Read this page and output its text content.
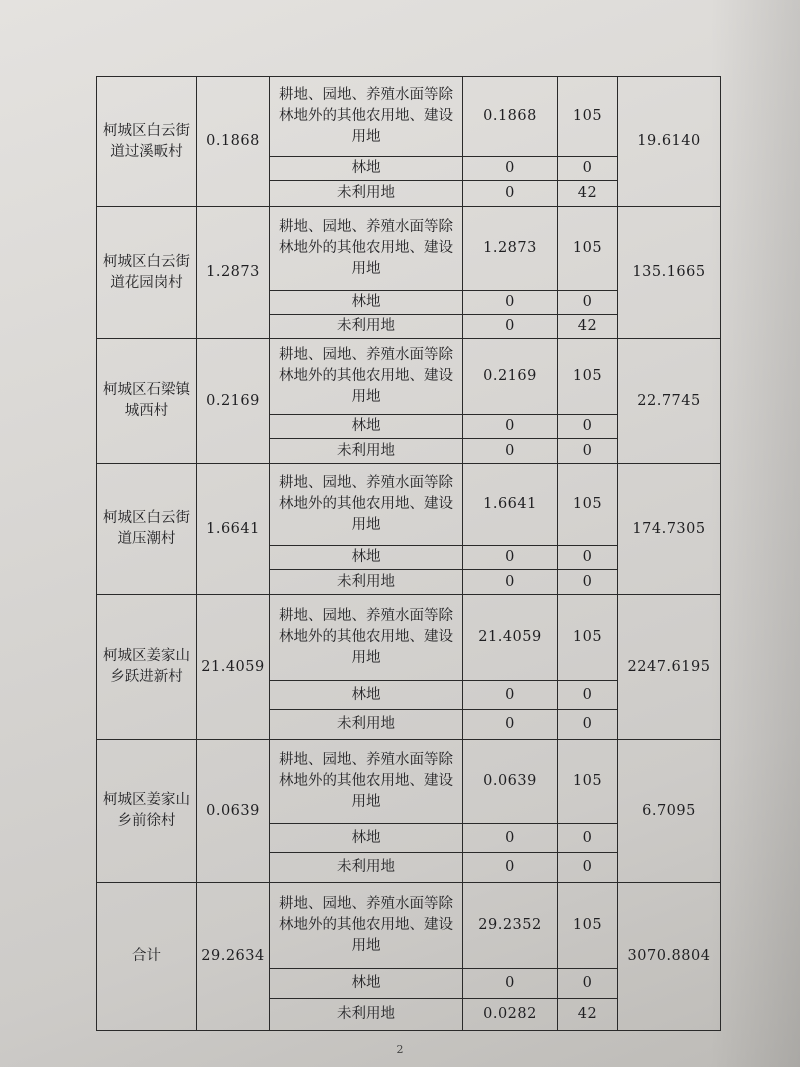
柯城区白云街道过溪畈村	0.1868	耕地、园地、养殖水面等除林地外的其他农用地、建设用地	0.1868	105	19.6140
		林地	0	0	
		未利用地	0	42	
柯城区白云街道花园岗村	1.2873	耕地、园地、养殖水面等除林地外的其他农用地、建设用地	1.2873	105	135.1665
		林地	0	0	
		未利用地	0	42	
柯城区石梁镇城西村	0.2169	耕地、园地、养殖水面等除林地外的其他农用地、建设用地	0.2169	105	22.7745
		林地	0	0	
		未利用地	0	0	
柯城区白云街道压潮村	1.6641	耕地、园地、养殖水面等除林地外的其他农用地、建设用地	1.6641	105	174.7305
		林地	0	0	
		未利用地	0	0	
柯城区姜家山乡跃进新村	21.4059	耕地、园地、养殖水面等除林地外的其他农用地、建设用地	21.4059	105	2247.6195
		林地	0	0	
		未利用地	0	0	
柯城区姜家山乡前徐村	0.0639	耕地、园地、养殖水面等除林地外的其他农用地、建设用地	0.0639	105	6.7095
		林地	0	0	
		未利用地	0	0	
合计	29.2634	耕地、园地、养殖水面等除林地外的其他农用地、建设用地	29.2352	105	3070.8804
		林地	0	0	
		未利用地	0.0282	42	
2
